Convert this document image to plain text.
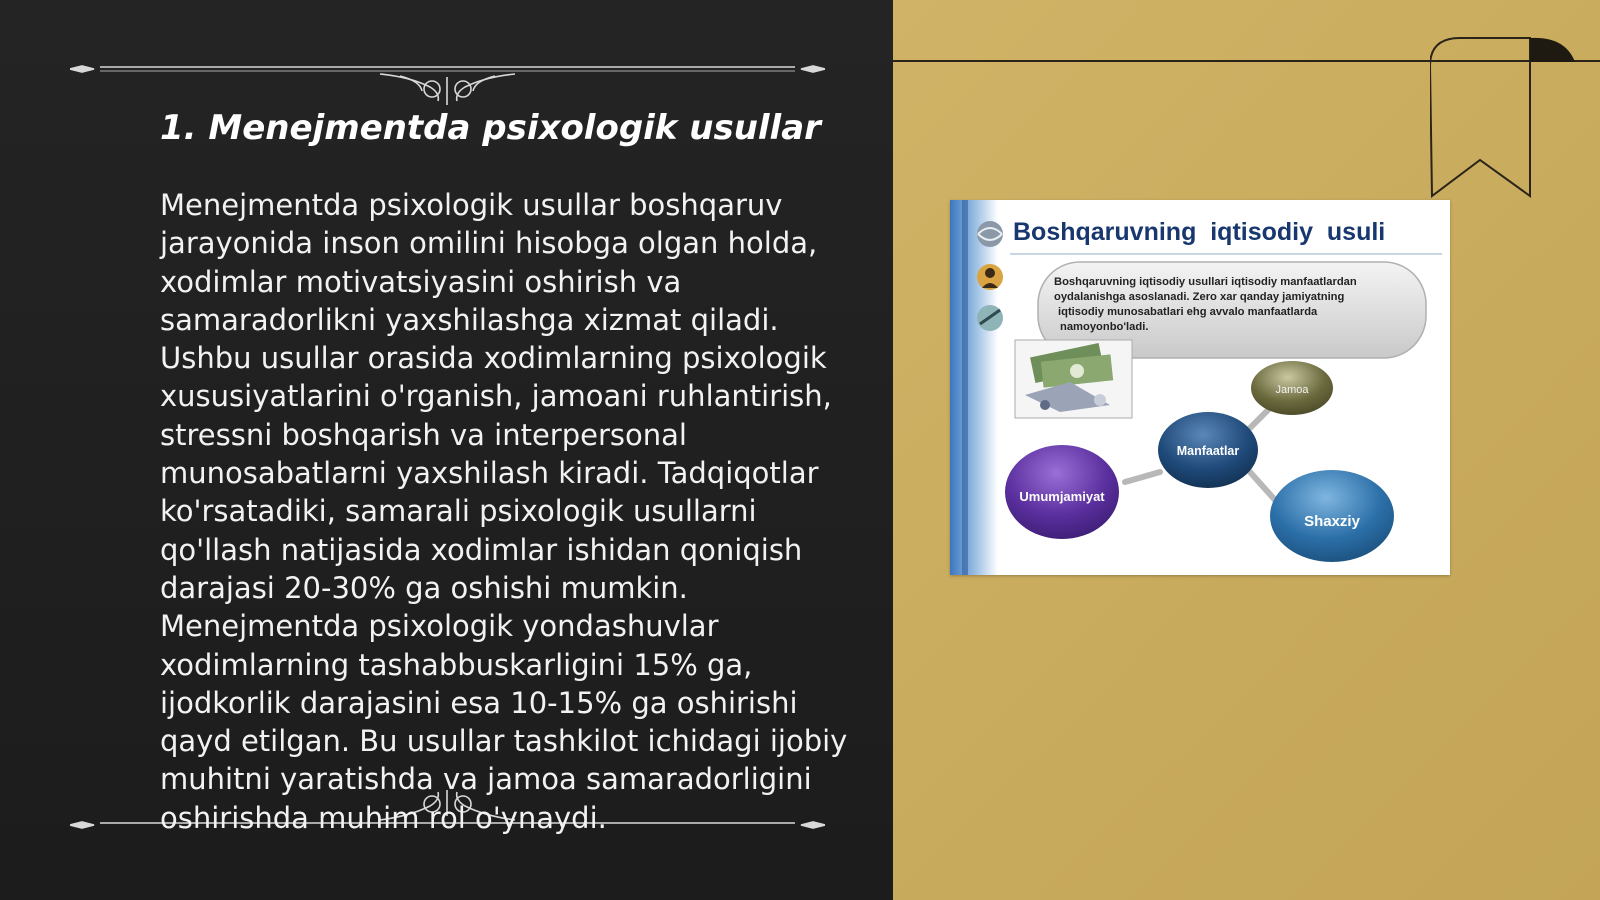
1. Menejmentda psixologik usullar

Menejmentda psixologik usullar boshqaruv jarayonida inson omilini hisobga olgan holda, xodimlar motivatsiyasini oshirish va samaradorlikni yaxshilashga xizmat qiladi. Ushbu usullar orasida xodimlarning psixologik xususiyatlarini o'rganish, jamoani ruhlantirish, stressni boshqarish va interpersonal munosabatlarni yaxshilash kiradi. Tadqiqotlar ko'rsatadiki, samarali psixologik usullarni qo'llash natijasida xodimlar ishidan qoniqish darajasi 20-30% ga oshishi mumkin. Menejmentda psixologik yondashuvlar xodimlarning tashabbuskarligini 15% ga, ijodkorlik darajasini esa 10-15% ga oshirishi qayd etilgan. Bu usullar tashkilot ichidagi ijobiy muhitni yaratishda va jamoa samaradorligini oshirishda muhim rol o'ynaydi.

Boshqaruvning  iqtisodiy  usuli
Boshqaruvning iqtisodiy usullari iqtisodiy manfaatlardan oydalanishga asoslanadi. Zero xar qanday jamiyatning iqtisodiy munosabatlari ehg avvalo manfaatlarda namoyonbo'ladi.
Jamoa
Manfaatlar
Umumjamiyat
Shaxziy
